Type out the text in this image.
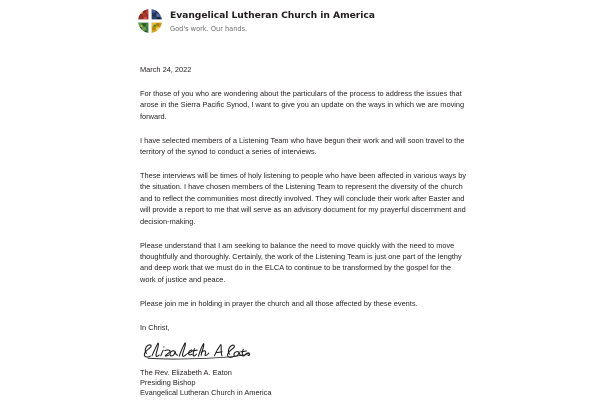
Evangelical Lutheran Church in America
God's work. Our hands.
March 24, 2022

For those of you who are wondering about the particulars of the process to address the issues that arose in the Sierra Pacific Synod, I want to give you an update on the ways in which we are moving forward.

I have selected members of a Listening Team who have begun their work and will soon travel to the territory of the synod to conduct a series of interviews.

These interviews will be times of holy listening to people who have been affected in various ways by the situation. I have chosen members of the Listening Team to represent the diversity of the church and to reflect the communities most directly involved. They will conclude their work after Easter and will provide a report to me that will serve as an advisory document for my prayerful discernment and decision-making.

Please understand that I am seeking to balance the need to move quickly with the need to move thoughtfully and thoroughly. Certainly, the work of the Listening Team is just one part of the lengthy and deep work that we must do in the ELCA to continue to be transformed by the gospel for the work of justice and peace.

Please join me in holding in prayer the church and all those affected by these events.

In Christ,
The Rev. Elizabeth A. Eaton
Presiding Bishop
Evangelical Lutheran Church in America
